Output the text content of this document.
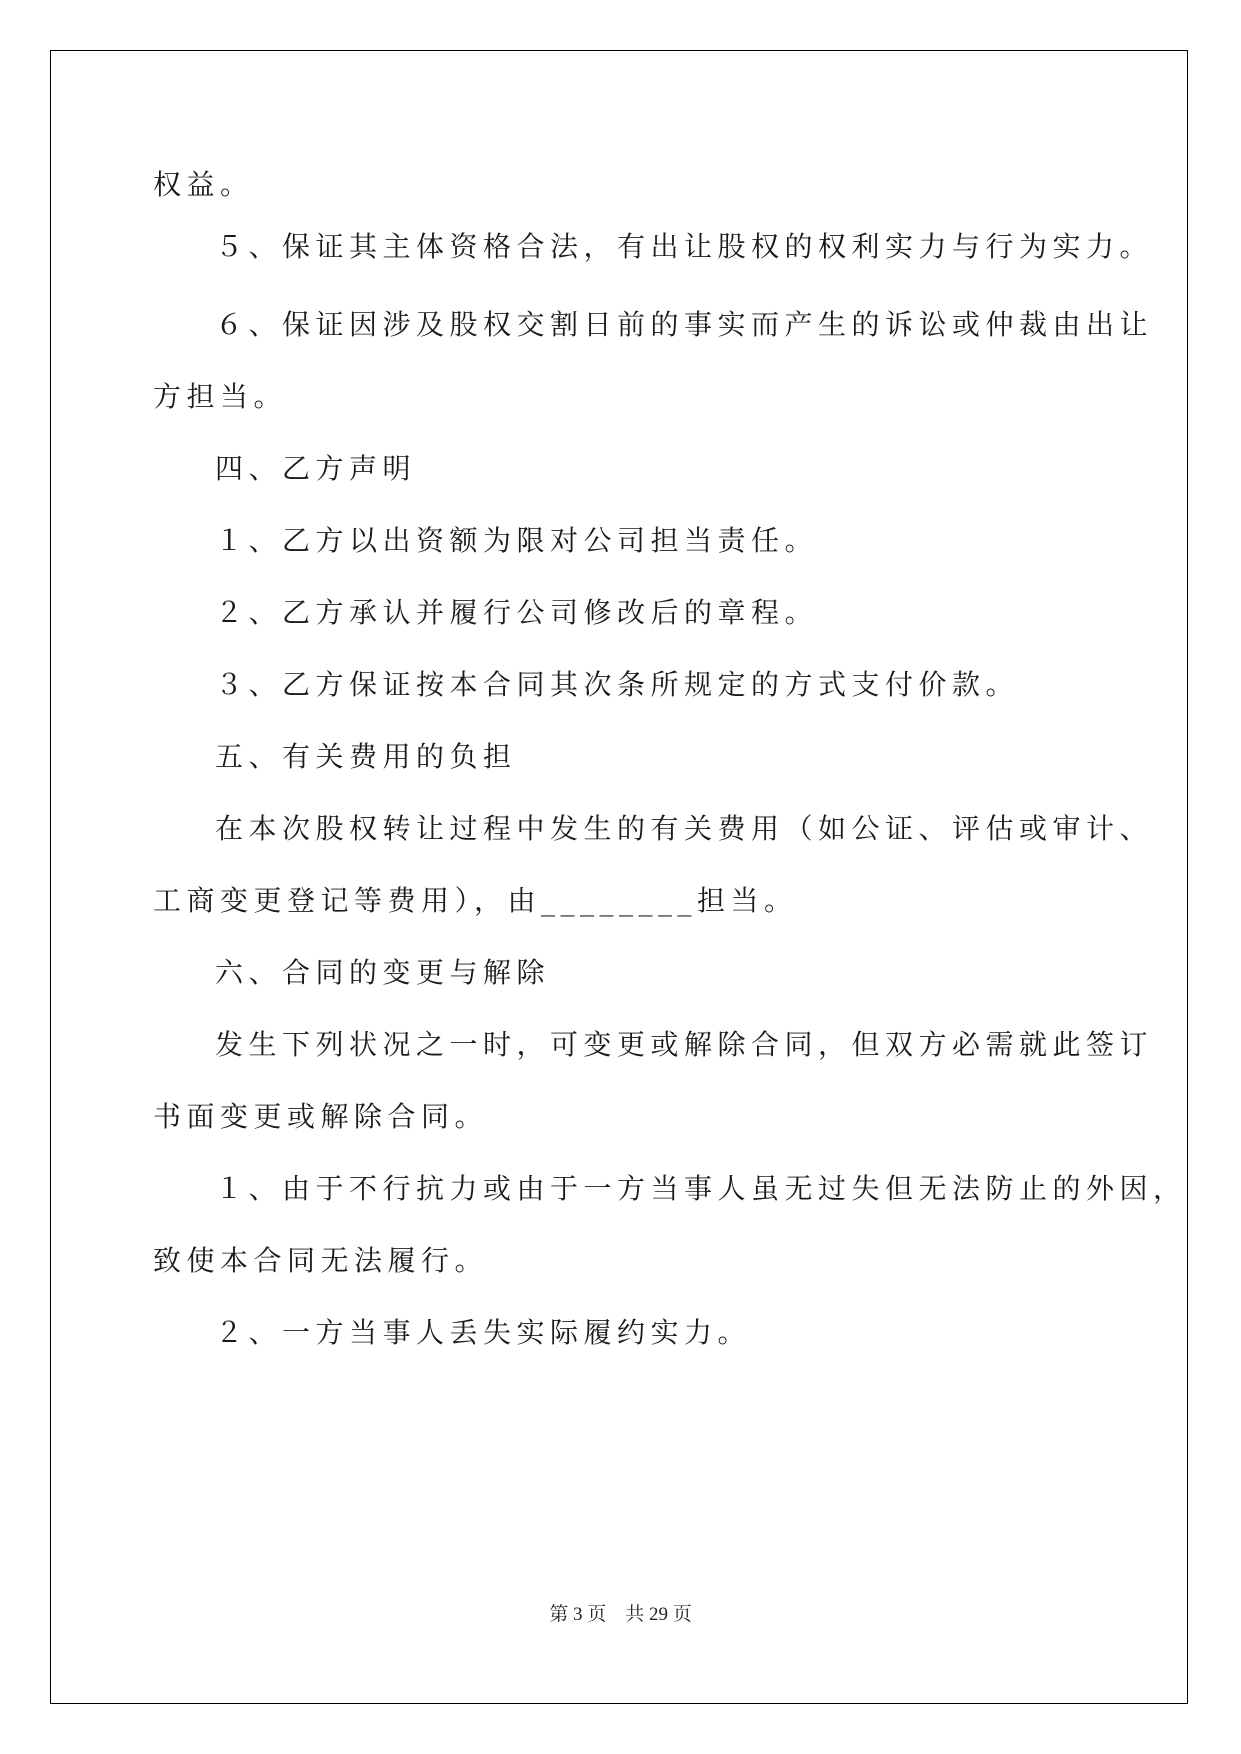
权益。
５、保证其主体资格合法，有出让股权的权利实力与行为实力。
６、保证因涉及股权交割日前的事实而产生的诉讼或仲裁由出让
方担当。
四、乙方声明
１、乙方以出资额为限对公司担当责任。
２、乙方承认并履行公司修改后的章程。
３、乙方保证按本合同其次条所规定的方式支付价款。
五、有关费用的负担
在本次股权转让过程中发生的有关费用（如公证、评估或审计、
工商变更登记等费用），由________担当。
六、合同的变更与解除
发生下列状况之一时，可变更或解除合同，但双方必需就此签订
书面变更或解除合同。
１、由于不行抗力或由于一方当事人虽无过失但无法防止的外因，
致使本合同无法履行。
２、一方当事人丢失实际履约实力。
第 3 页 共 29 页
